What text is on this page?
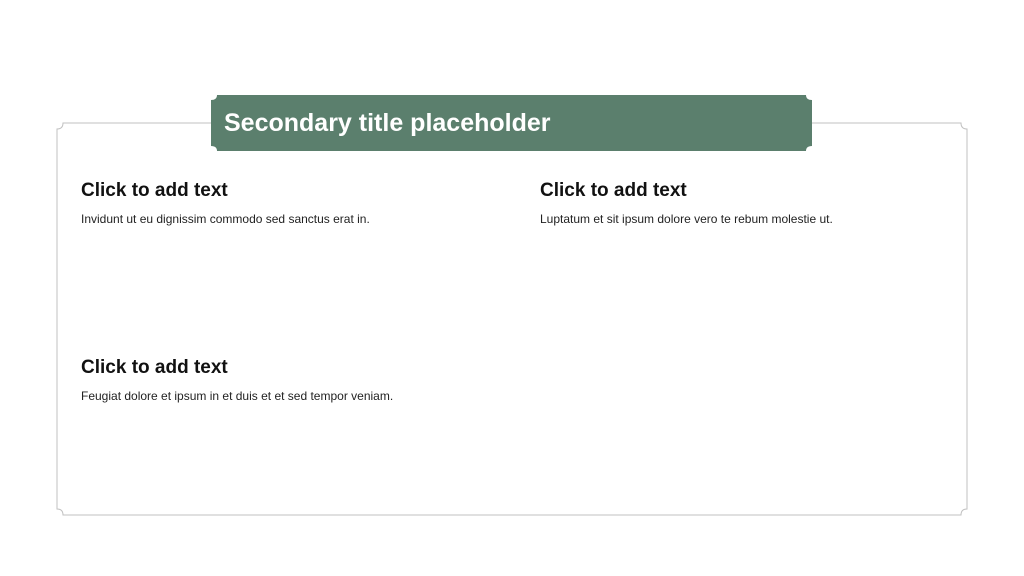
Secondary title placeholder
Click to add text
Invidunt ut eu dignissim commodo sed sanctus erat in.
Click to add text
Luptatum et sit ipsum dolore vero te rebum molestie ut.
Click to add text
Feugiat dolore et ipsum in et duis et et sed tempor veniam.
